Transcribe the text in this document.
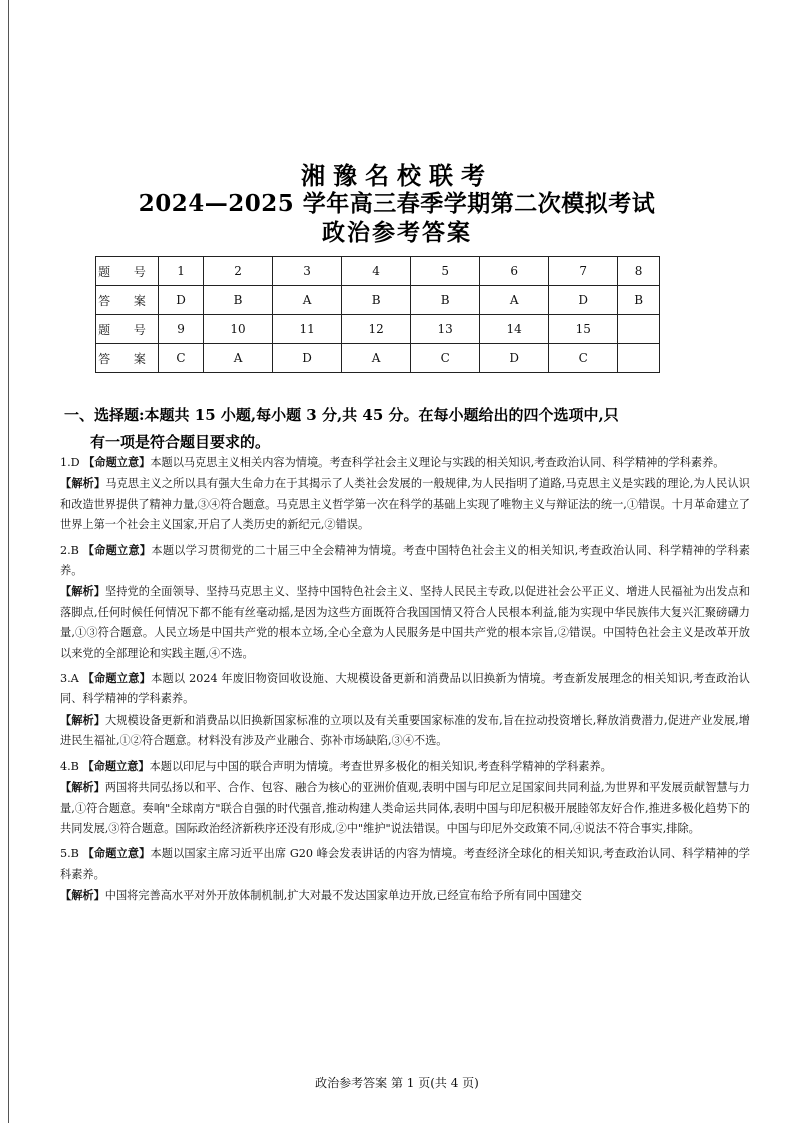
湘豫名校联考
2024—2025 学年高三春季学期第二次模拟考试
政治参考答案
题 号	1	2	3	4	5	6	7	8
答 案	D	B	A	B	B	A	D	B
题 号	9	10	11	12	13	14	15	
答 案	C	A	D	A	C	D	C	
一、选择题:本题共 15 小题,每小题 3 分,共 45 分。在每小题给出的四个选项中,只
有一项是符合题目要求的。
1.D 【命题立意】本题以马克思主义相关内容为情境。考查科学社会主义理论与实践的相关知识,考查政治认同、科学精神的学科素养。
【解析】马克思主义之所以具有强大生命力在于其揭示了人类社会发展的一般规律,为人民指明了道路,马克思主义是实践的理论,为人民认识和改造世界提供了精神力量,③④符合题意。马克思主义哲学第一次在科学的基础上实现了唯物主义与辩证法的统一,①错误。十月革命建立了世界上第一个社会主义国家,开启了人类历史的新纪元,②错误。
2.B 【命题立意】本题以学习贯彻党的二十届三中全会精神为情境。考查中国特色社会主义的相关知识,考查政治认同、科学精神的学科素养。
【解析】坚持党的全面领导、坚持马克思主义、坚持中国特色社会主义、坚持人民民主专政,以促进社会公平正义、增进人民福祉为出发点和落脚点,任何时候任何情况下都不能有丝毫动摇,是因为这些方面既符合我国国情又符合人民根本利益,能为实现中华民族伟大复兴汇聚磅礴力量,①③符合题意。人民立场是中国共产党的根本立场,全心全意为人民服务是中国共产党的根本宗旨,②错误。中国特色社会主义是改革开放以来党的全部理论和实践主题,④不选。
3.A 【命题立意】本题以 2024 年废旧物资回收设施、大规模设备更新和消费品以旧换新为情境。考查新发展理念的相关知识,考查政治认同、科学精神的学科素养。
【解析】大规模设备更新和消费品以旧换新国家标准的立项以及有关重要国家标准的发布,旨在拉动投资增长,释放消费潜力,促进产业发展,增进民生福祉,①②符合题意。材料没有涉及产业融合、弥补市场缺陷,③④不选。
4.B 【命题立意】本题以印尼与中国的联合声明为情境。考查世界多极化的相关知识,考查科学精神的学科素养。
【解析】两国将共同弘扬以和平、合作、包容、融合为核心的亚洲价值观,表明中国与印尼立足国家间共同利益,为世界和平发展贡献智慧与力量,①符合题意。奏响"全球南方"联合自强的时代强音,推动构建人类命运共同体,表明中国与印尼积极开展睦邻友好合作,推进多极化趋势下的共同发展,③符合题意。国际政治经济新秩序还没有形成,②中"维护"说法错误。中国与印尼外交政策不同,④说法不符合事实,排除。
5.B 【命题立意】本题以国家主席习近平出席 G20 峰会发表讲话的内容为情境。考查经济全球化的相关知识,考查政治认同、科学精神的学科素养。
【解析】中国将完善高水平对外开放体制机制,扩大对最不发达国家单边开放,已经宣布给予所有同中国建交
政治参考答案 第 1 页(共 4 页)
